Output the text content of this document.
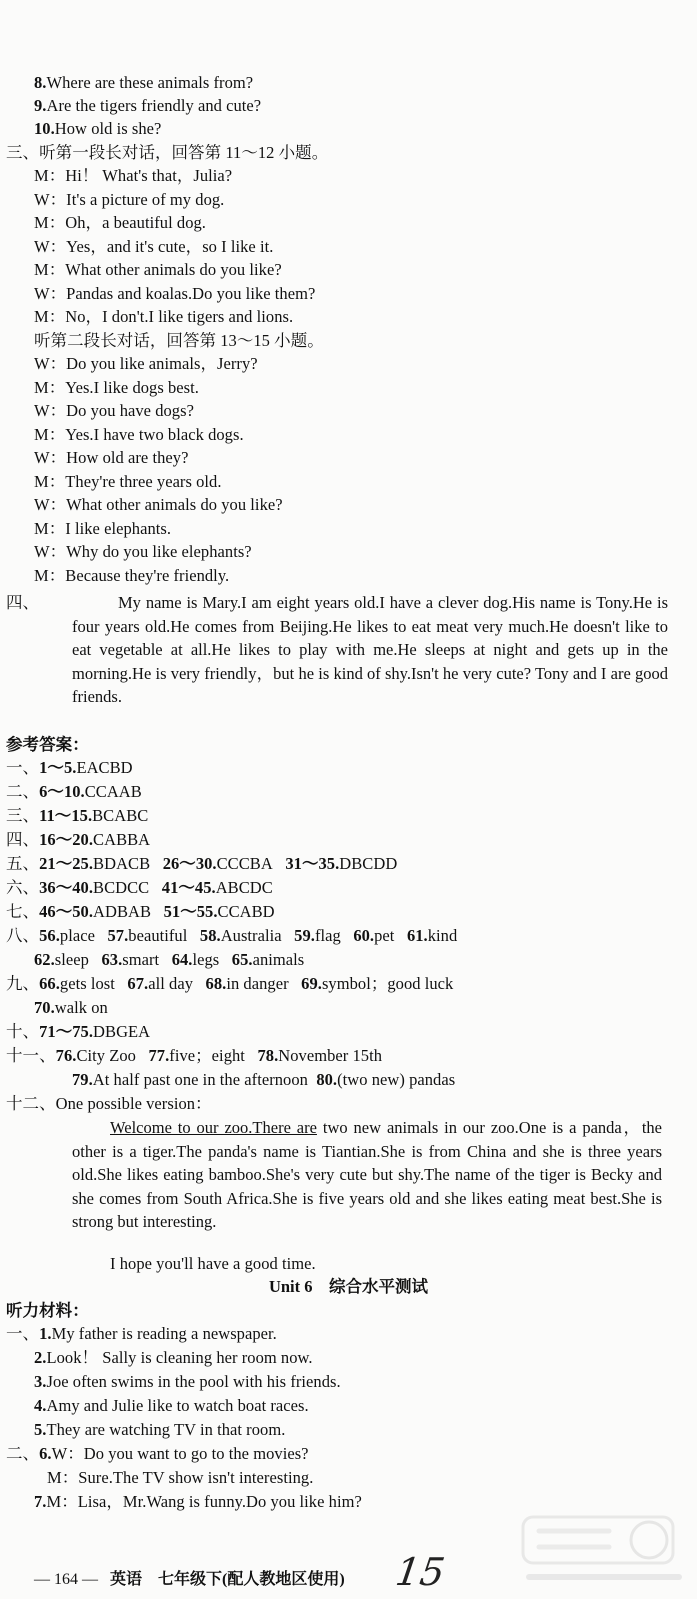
8.Where are these animals from?
9.Are the tigers friendly and cute?
10.How old is she?
三、听第一段长对话，回答第 11～12 小题。
M：Hi！ What's that，Julia?
W：It's a picture of my dog.
M：Oh，a beautiful dog.
W：Yes，and it's cute，so I like it.
M：What other animals do you like?
W：Pandas and koalas.Do you like them?
M：No，I don't.I like tigers and lions.
听第二段长对话，回答第 13～15 小题。
W：Do you like animals，Jerry?
M：Yes.I like dogs best.
W：Do you have dogs?
M：Yes.I have two black dogs.
W：How old are they?
M：They're three years old.
W：What other animals do you like?
M：I like elephants.
W：Why do you like elephants?
M：Because they're friendly.
四、	My name is Mary.I am eight years old.I have a clever dog.His name is Tony.He is four years old.He comes from Beijing.He likes to eat meat very much.He doesn't like to eat vegetable at all.He likes to play with me.He sleeps at night and gets up in the morning.He is very friendly，but he is kind of shy.Isn't he very cute? Tony and I are good friends.
参考答案：
一、1～5.EACBD
二、6～10.CCAAB
三、11～15.BCABC
四、16～20.CABBA
五、21～25.BDACB 26～30.CCCBA 31～35.DBCDD
六、36～40.BCDCC 41～45.ABCDC
七、46～50.ADBAB 51～55.CCABD
八、56.place 57.beautiful 58.Australia 59.flag 60.pet 61.kind
62.sleep 63.smart 64.legs 65.animals
九、66.gets lost 67.all day 68.in danger 69.symbol；good luck
70.walk on
十、71～75.DBGEA
十一、76.City Zoo 77.five；eight 78.November 15th
79.At half past one in the afternoon 80.(two new) pandas
十二、One possible version：
Welcome to our zoo.There are two new animals in our zoo.One is a panda，the other is a tiger.The panda's name is Tiantian.She is from China and she is three years old.She likes eating bamboo.She's very cute but shy.The name of the tiger is Becky and she comes from South Africa.She is five years old and she likes eating meat best.She is strong but interesting.
I hope you'll have a good time.
Unit 6　综合水平测试
听力材料：
一、1.My father is reading a newspaper.
2.Look！ Sally is cleaning her room now.
3.Joe often swims in the pool with his friends.
4.Amy and Julie like to watch boat races.
5.They are watching TV in that room.
二、6.W：Do you want to go to the movies?
M：Sure.The TV show isn't interesting.
7.M：Lisa，Mr.Wang is funny.Do you like him?
— 164 — 英语　七年级下(配人教地区使用) 15
